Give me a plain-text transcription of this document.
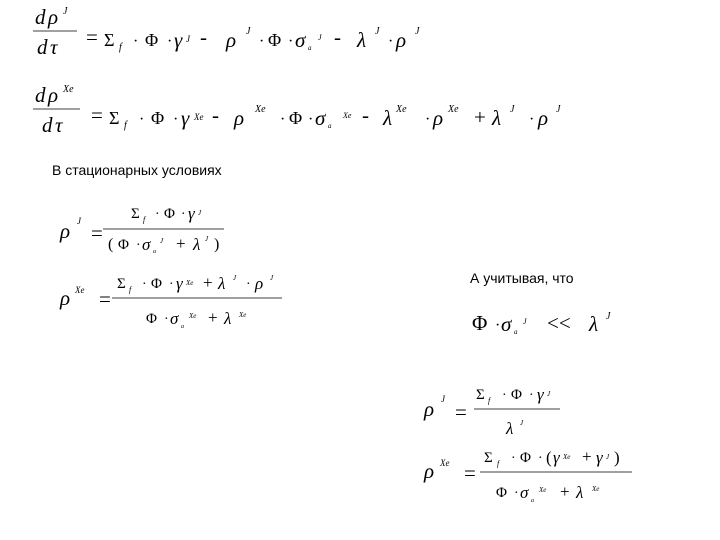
d ρ J
d τ = Σ f · Φ · γ J - ρ J
· Φ · σ a
J - λ J
· ρ J
d ρ Xe
d τ = Σ f · Φ · γ Xe - ρ Xe
· Φ · σ a
Xe - λ Xe
· ρ Xe + λ J
· ρ J
В стационарных условиях
ρ J =
Σ f · Φ · γ J
( Φ · σ a
J + λ J )
ρ Xe =
Σ f · Φ · γ Xe + λ J · ρ J
Φ · σ a
Xe + λ Xe
А учитывая, что
Φ · σ a
J << λ J
ρ J
=
Σ f · Φ · γ J
λ J
ρ Xe =
Σ f · Φ · ( γ Xe + γ J )
Φ · σ a
Xe + λ Xe
